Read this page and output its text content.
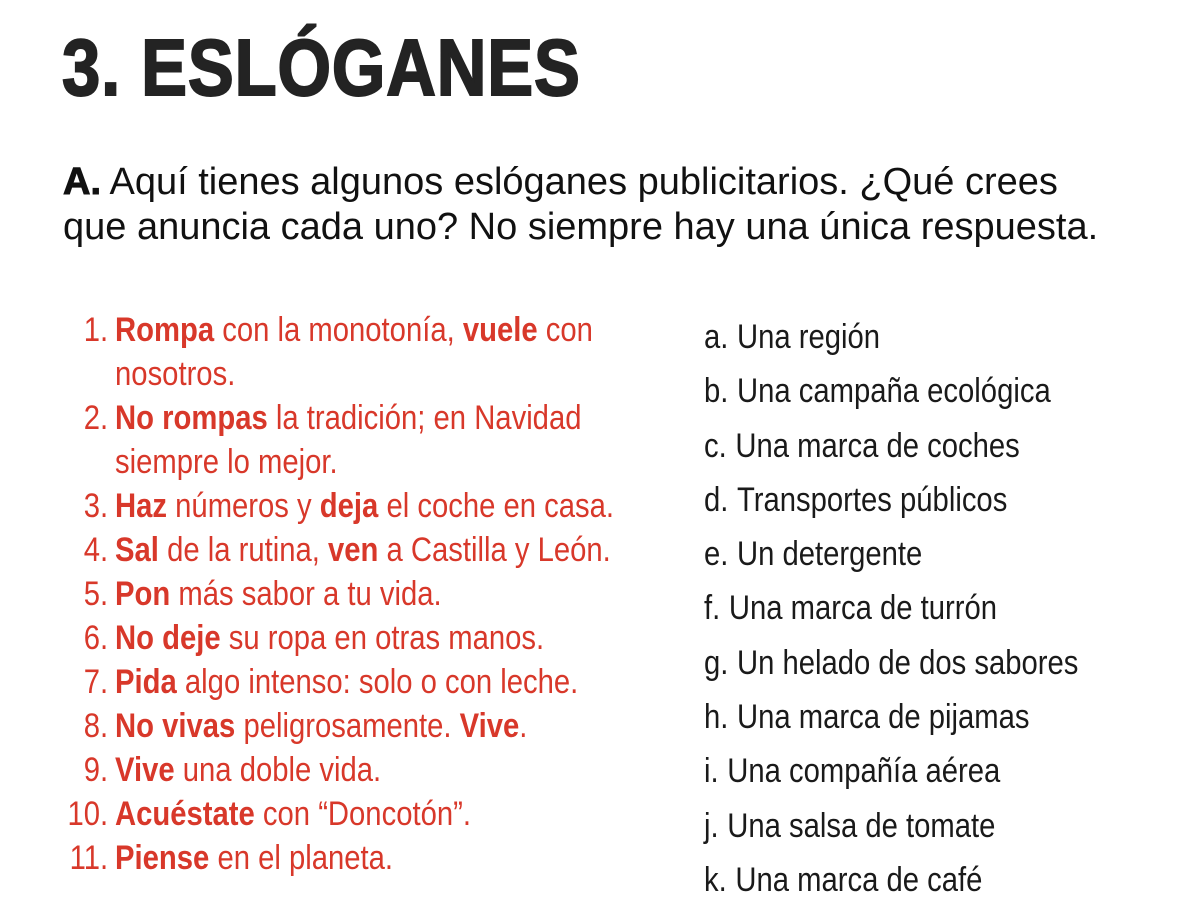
3. ESLÓGANES

A. Aquí tienes algunos eslóganes publicitarios. ¿Qué crees que anuncia cada uno? No siempre hay una única respuesta.

1. Rompa con la monotonía, vuele con nosotros.
2. No rompas la tradición; en Navidad siempre lo mejor.
3. Haz números y deja el coche en casa.
4. Sal de la rutina, ven a Castilla y León.
5. Pon más sabor a tu vida.
6. No deje su ropa en otras manos.
7. Pida algo intenso: solo o con leche.
8. No vivas peligrosamente. Vive.
9. Vive una doble vida.
10. Acuéstate con “Doncotón”.
11. Piense en el planeta.
a. Una región
b. Una campaña ecológica
c. Una marca de coches
d. Transportes públicos
e. Un detergente
f. Una marca de turrón
g. Un helado de dos sabores
h. Una marca de pijamas
i. Una compañía aérea
j. Una salsa de tomate
k. Una marca de café
